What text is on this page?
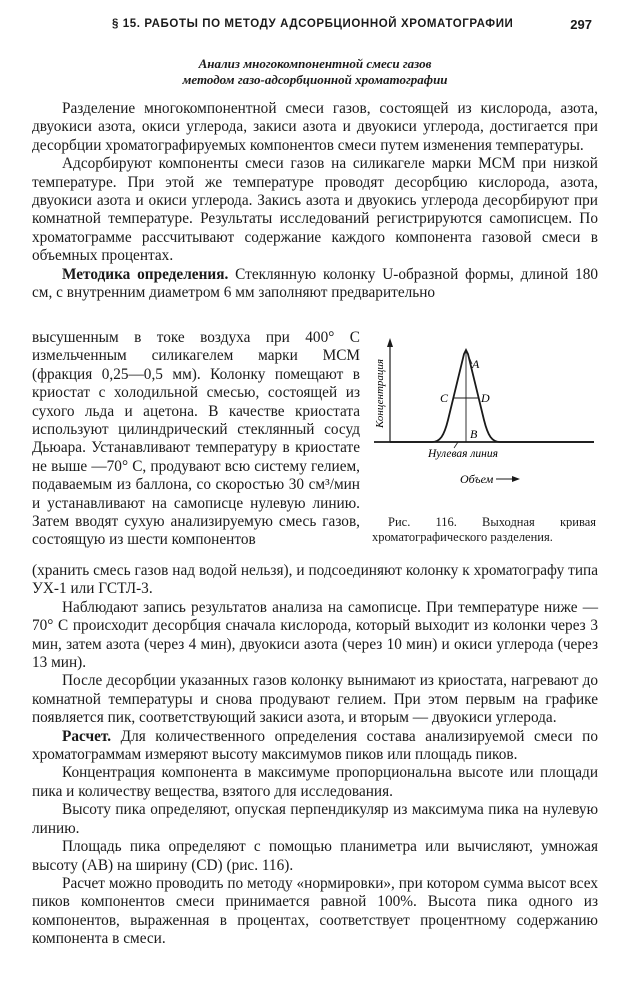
§ 15. РАБОТЫ ПО МЕТОДУ АДСОРБЦИОННОЙ ХРОМАТОГРАФИИ	297
Анализ многокомпонентной смеси газов
методом газо-адсорбционной хроматографии

Разделение многокомпонентной смеси газов, состоящей из кислорода, азота, двуокиси азота, окиси углерода, закиси азота и двуокиси углерода, достигается при десорбции хроматографируемых компонентов смеси путем изменения температуры.

Адсорбируют компоненты смеси газов на силикагеле марки МСМ при низкой температуре. При этой же температуре проводят десорбцию кислорода, азота, двуокиси азота и окиси углерода. Закись азота и двуокись углерода десорбируют при комнатной температуре. Результаты исследований регистрируются самописцем. По хроматограмме рассчитывают содержание каждого компонента газовой смеси в объемных процентах.

Методика определения. Стеклянную колонку U-образной формы, длиной 180 см, с внутренним диаметром 6 мм заполняют предварительно

высушенным в токе воздуха при 400° С измельченным силикагелем марки МСМ (фракция 0,25—0,5 мм). Колонку помещают в криостат с холодильной смесью, состоящей из сухого льда и ацетона. В качестве криостата используют цилиндрический стеклянный сосуд Дьюара. Устанавливают температуру в криостате не выше —70° С, продувают всю систему гелием, подаваемым из баллона, со скоростью 30 см³/мин и устанавливают на самописце нулевую линию. Затем вводят сухую анализируемую смесь газов, состоящую из шести компонентов
A
C	D
B
Концентрация
Нулевая линия
Объем
Рис. 116. Выходная кривая хроматографического разделения.

(хранить смесь газов над водой нельзя), и подсоединяют колонку к хроматографу типа УХ-1 или ГСТЛ-3.

Наблюдают запись результатов анализа на самописце. При температуре ниже —70° С происходит десорбция сначала кислорода, который выходит из колонки через 3 мин, затем азота (через 4 мин), двуокиси азота (через 10 мин) и окиси углерода (через 13 мин).

После десорбции указанных газов колонку вынимают из криостата, нагревают до комнатной температуры и снова продувают гелием. При этом первым на графике появляется пик, соответствующий закиси азота, и вторым — двуокиси углерода.

Расчет. Для количественного определения состава анализируемой смеси по хроматограммам измеряют высоту максимумов пиков или площадь пиков.

Концентрация компонента в максимуме пропорциональна высоте или площади пика и количеству вещества, взятого для исследования.

Высоту пика определяют, опуская перпендикуляр из максимума пика на нулевую линию.

Площадь пика определяют с помощью планиметра или вычисляют, умножая высоту (AB) на ширину (CD) (рис. 116).

Расчет можно проводить по методу «нормировки», при котором сумма высот всех пиков компонентов смеси принимается равной 100%. Высота пика одного из компонентов, выраженная в процентах, соответствует процентному содержанию компонента в смеси.
